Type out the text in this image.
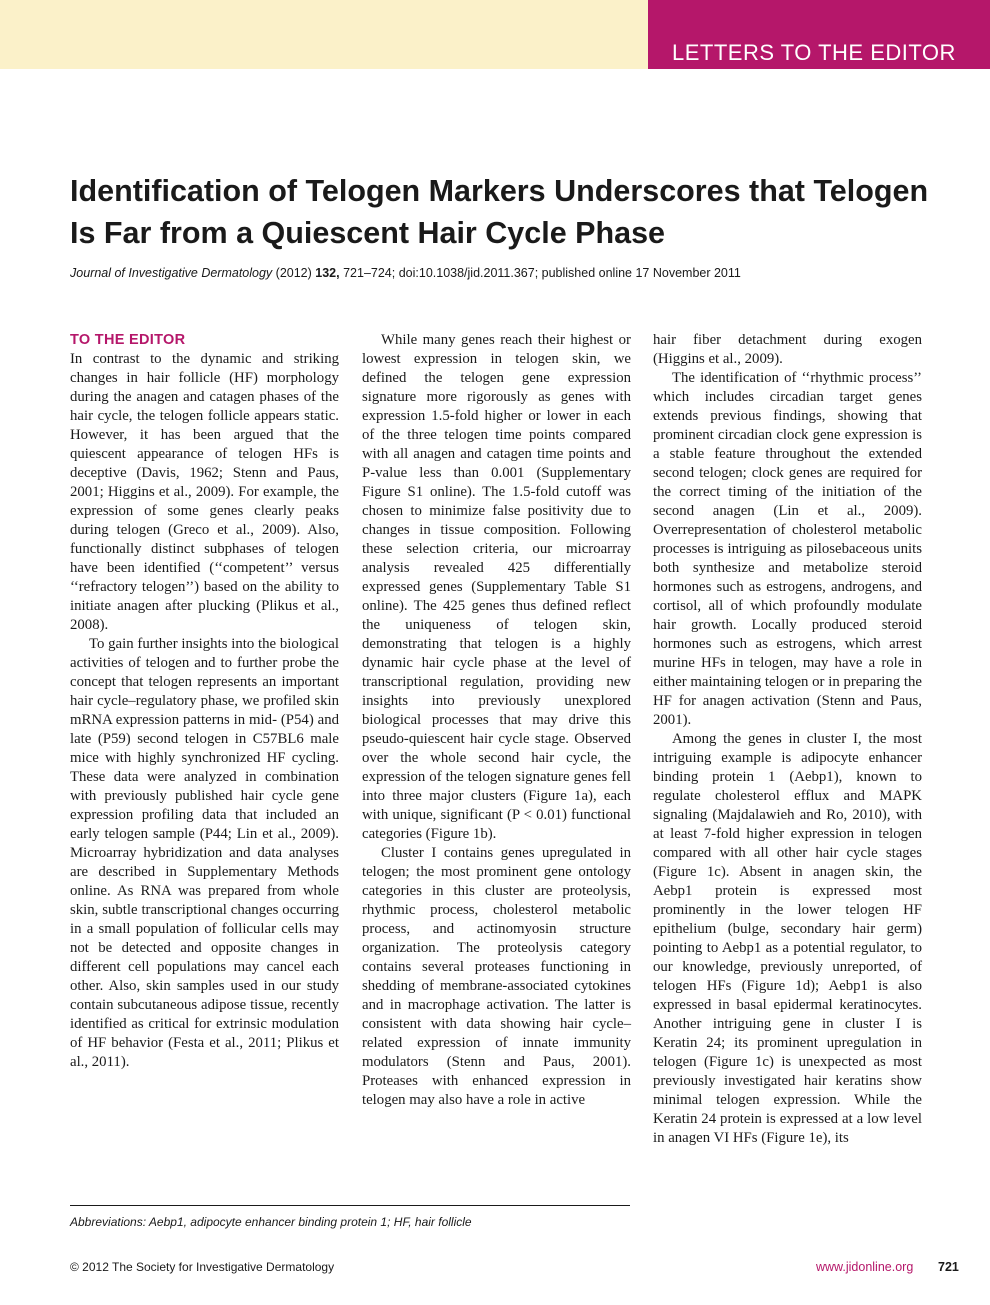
LETTERS TO THE EDITOR
Identification of Telogen Markers Underscores that Telogen Is Far from a Quiescent Hair Cycle Phase
Journal of Investigative Dermatology (2012) 132, 721–724; doi:10.1038/jid.2011.367; published online 17 November 2011
TO THE EDITOR

In contrast to the dynamic and striking changes in hair follicle (HF) morphology during the anagen and catagen phases of the hair cycle, the telogen follicle appears static. However, it has been argued that the quiescent appearance of telogen HFs is deceptive (Davis, 1962; Stenn and Paus, 2001; Higgins et al., 2009). For example, the expression of some genes clearly peaks during telogen (Greco et al., 2009). Also, functionally distinct subphases of telogen have been identified (‘‘competent’’ versus ‘‘refractory telogen’’) based on the ability to initiate anagen after plucking (Plikus et al., 2008).

To gain further insights into the biological activities of telogen and to further probe the concept that telogen represents an important hair cycle–regulatory phase, we profiled skin mRNA expression patterns in mid- (P54) and late (P59) second telogen in C57BL6 male mice with highly synchronized HF cycling. These data were analyzed in combination with previously published hair cycle gene expression profiling data that included an early telogen sample (P44; Lin et al., 2009). Microarray hybridization and data analyses are described in Supplementary Methods online. As RNA was prepared from whole skin, subtle transcriptional changes occurring in a small population of follicular cells may not be detected and opposite changes in different cell populations may cancel each other. Also, skin samples used in our study contain subcutaneous adipose tissue, recently identified as critical for extrinsic modulation of HF behavior (Festa et al., 2011; Plikus et al., 2011).

While many genes reach their highest or lowest expression in telogen skin, we defined the telogen gene expression signature more rigorously as genes with expression 1.5-fold higher or lower in each of the three telogen time points compared with all anagen and catagen time points and P-value less than 0.001 (Supplementary Figure S1 online). The 1.5-fold cutoff was chosen to minimize false positivity due to changes in tissue composition. Following these selection criteria, our microarray analysis revealed 425 differentially expressed genes (Supplementary Table S1 online). The 425 genes thus defined reflect the uniqueness of telogen skin, demonstrating that telogen is a highly dynamic hair cycle phase at the level of transcriptional regulation, providing new insights into previously unexplored biological processes that may drive this pseudo-quiescent hair cycle stage. Observed over the whole second hair cycle, the expression of the telogen signature genes fell into three major clusters (Figure 1a), each with unique, significant (P < 0.01) functional categories (Figure 1b).

Cluster I contains genes upregulated in telogen; the most prominent gene ontology categories in this cluster are proteolysis, rhythmic process, cholesterol metabolic process, and actinomyosin structure organization. The proteolysis category contains several proteases functioning in shedding of membrane-associated cytokines and in macrophage activation. The latter is consistent with data showing hair cycle–related expression of innate immunity modulators (Stenn and Paus, 2001). Proteases with enhanced expression in telogen may also have a role in active

hair fiber detachment during exogen (Higgins et al., 2009).

The identification of ‘‘rhythmic process’’ which includes circadian target genes extends previous findings, showing that prominent circadian clock gene expression is a stable feature throughout the extended second telogen; clock genes are required for the correct timing of the initiation of the second anagen (Lin et al., 2009). Overrepresentation of cholesterol metabolic processes is intriguing as pilosebaceous units both synthesize and metabolize steroid hormones such as estrogens, androgens, and cortisol, all of which profoundly modulate hair growth. Locally produced steroid hormones such as estrogens, which arrest murine HFs in telogen, may have a role in either maintaining telogen or in preparing the HF for anagen activation (Stenn and Paus, 2001).

Among the genes in cluster I, the most intriguing example is adipocyte enhancer binding protein 1 (Aebp1), known to regulate cholesterol efflux and MAPK signaling (Majdalawieh and Ro, 2010), with at least 7-fold higher expression in telogen compared with all other hair cycle stages (Figure 1c). Absent in anagen skin, the Aebp1 protein is expressed most prominently in the lower telogen HF epithelium (bulge, secondary hair germ) pointing to Aebp1 as a potential regulator, to our knowledge, previously unreported, of telogen HFs (Figure 1d); Aebp1 is also expressed in basal epidermal keratinocytes. Another intriguing gene in cluster I is Keratin 24; its prominent upregulation in telogen (Figure 1c) is unexpected as most previously investigated hair keratins show minimal telogen expression. While the Keratin 24 protein is expressed at a low level in anagen VI HFs (Figure 1e), its

Abbreviations: Aebp1, adipocyte enhancer binding protein 1; HF, hair follicle
© 2012 The Society for Investigative Dermatology	www.jidonline.org 721
